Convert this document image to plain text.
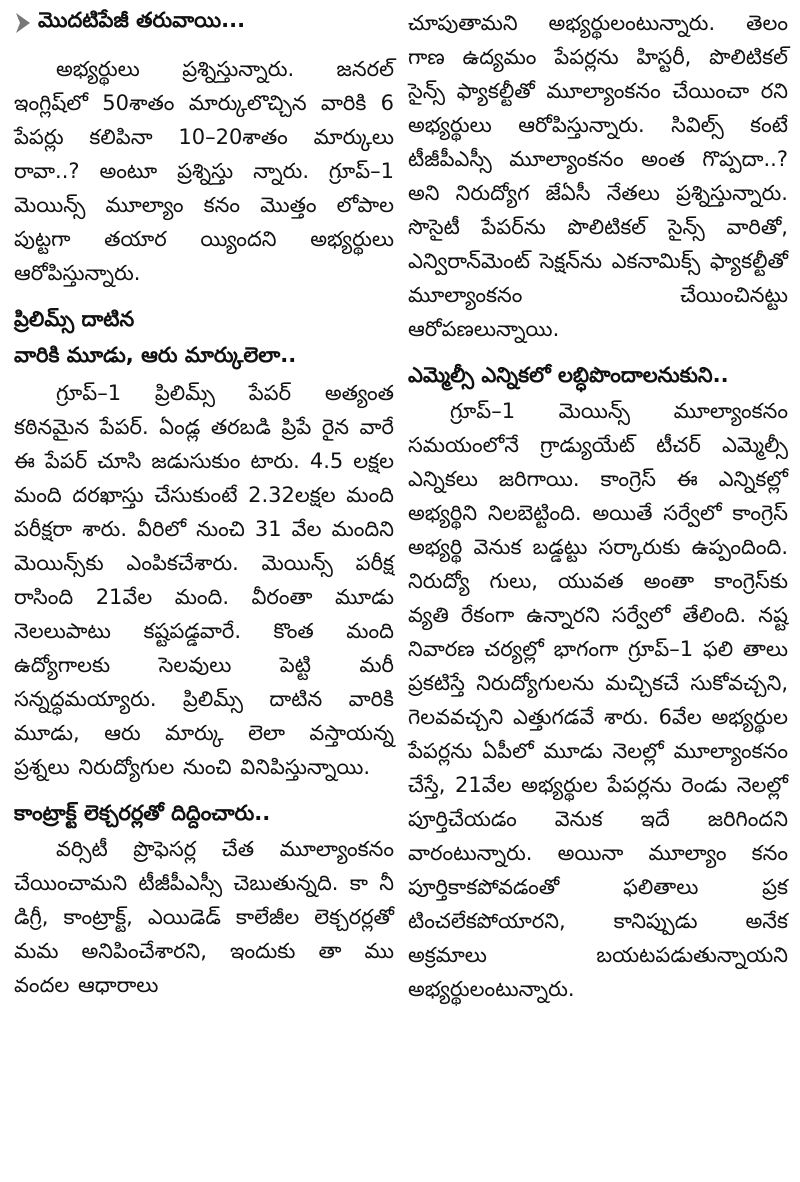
మొదటిపేజీ తరువాయి...

అభ్యర్థులు ప్రశ్నిస్తున్నారు. జనరల్ ఇంగ్లిష్‌లో 50శాతం మార్కులొచ్చిన వారికి 6 పేపర్లు కలిపినా 10–20శాతం మార్కులు రావా..? అంటూ ప్రశ్నిస్తు న్నారు. గ్రూప్–1 మెయిన్స్ మూల్యాం కనం మొత్తం లోపాల పుట్టగా తయార య్యిందని అభ్యర్థులు ఆరోపిస్తున్నారు.

ప్రిలిమ్స్ దాటిన
వారికి మూడు, ఆరు మార్కులెలా..

గ్రూప్–1 ప్రిలిమ్స్ పేపర్ అత్యంత కఠినమైన పేపర్. ఏండ్ల తరబడి ప్రిపే రైన వారే ఈ పేపర్ చూసి జడుసుకుం టారు. 4.5 లక్షల మంది దరఖాస్తు చేసుకుంటే 2.32లక్షల మంది పరీక్షరా శారు. వీరిలో నుంచి 31 వేల మందిని మెయిన్స్‌కు ఎంపికచేశారు. మెయిన్స్ పరీక్ష రాసింది 21వేల మంది. వీరంతా మూడు నెలలుపాటు కష్టపడ్డవారే. కొంత మంది ఉద్యోగాలకు సెలవులు పెట్టి మరీ సన్నద్ధమయ్యారు. ప్రిలిమ్స్ దాటిన వారికి మూడు, ఆరు మార్కు లెలా వస్తాయన్న ప్రశ్నలు నిరుద్యోగుల నుంచి వినిపిస్తున్నాయి.

కాంట్రాక్ట్ లెక్చరర్లతో దిద్దించారు..

వర్సిటీ ప్రొఫెసర్ల చేత మూల్యాంకనం చేయించామని టీజీపీఎస్సీ చెబుతున్నది. కా నీ డిగ్రీ, కాంట్రాక్ట్, ఎయిడెడ్ కాలేజీల లెక్చరర్లతో మమ అనిపించేశారని, ఇందుకు తా ము వందల ఆధారాలు

చూపుతామని అభ్యర్థులంటున్నారు. తెలం గాణ ఉద్యమం పేపర్లను హిస్టరీ, పొలిటికల్ సైన్స్ ఫ్యాకల్టీతో మూల్యాంకనం చేయించా రని అభ్యర్థులు ఆరోపిస్తున్నారు. సివిల్స్ కంటే టీజీపీఎస్సీ మూల్యాంకనం అంత గొప్పదా..? అని నిరుద్యోగ జేఏసీ నేతలు ప్రశ్నిస్తున్నారు. సొసైటీ పేపర్‌ను పొలిటికల్ సైన్స్ వారితో, ఎన్విరాన్‌మెంట్ సెక్షన్‌ను ఎకనామిక్స్ ఫ్యాకల్టీతో మూల్యాంకనం చేయించినట్టు ఆరోపణలున్నాయి.

ఎమ్మెల్సీ ఎన్నికలో లబ్ధిపొందాలనుకుని..

గ్రూప్–1 మెయిన్స్ మూల్యాంకనం సమయంలోనే గ్రాడ్యుయేట్ టీచర్ ఎమ్మెల్సీ ఎన్నికలు జరిగాయి. కాంగ్రెస్ ఈ ఎన్నికల్లో అభ్యర్థిని నిలబెట్టింది. అయితే సర్వేలో కాంగ్రెస్ అభ్యర్థి వెనుక బడ్డట్టు సర్కారుకు ఉప్పందింది. నిరుద్యో గులు, యువత అంతా కాంగ్రెస్‌కు వ్యతి రేకంగా ఉన్నారని సర్వేలో తేలింది. నష్ట నివారణ చర్యల్లో భాగంగా గ్రూప్–1 ఫలి తాలు ప్రకటిస్తే నిరుద్యోగులను మచ్చికచే సుకోవచ్చని, గెలవవచ్చని ఎత్తుగడవే శారు. 6వేల అభ్యర్థుల పేపర్లను ఏపీలో మూడు నెలల్లో మూల్యాంకనం చేస్తే, 21వేల అభ్యర్థుల పేపర్లను రెండు నెలల్లో పూర్తిచేయడం వెనుక ఇదే జరిగిందని వారంటున్నారు. అయినా మూల్యాం కనం పూర్తికాకపోవడంతో ఫలితాలు ప్రక టించలేకపోయారని, కానిప్పుడు అనేక అక్రమాలు బయటపడుతున్నాయని అభ్యర్థులంటున్నారు.
